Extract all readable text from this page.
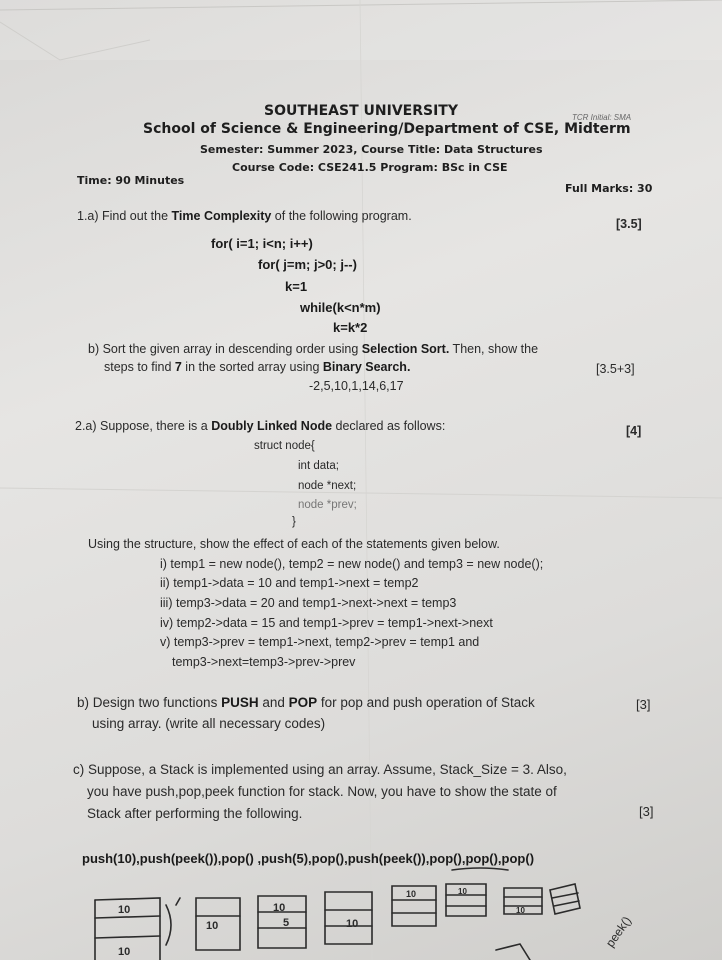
SOUTHEAST UNIVERSITY	TCR Initial: SMA
School of Science & Engineering/Department of CSE, Midterm
Semester: Summer 2023, Course Title: Data Structures
Course Code: CSE241.5 Program: BSc in CSE
Time: 90 Minutes
Full Marks: 30
1.a) Find out the Time Complexity of the following program.
[3.5]
for( i=1; i<n; i++)
for( j=m; j>0; j--)
k=1
while(k<n*m)
k=k*2
b) Sort the given array in descending order using Selection Sort. Then, show the
steps to find 7 in the sorted array using Binary Search.	[3.5+3]
-2,5,10,1,14,6,17
2.a) Suppose, there is a Doubly Linked Node declared as follows:	[4]
struct node{
int data;
node *next;
node *prev;
}
Using the structure, show the effect of each of the statements given below.
i) temp1 = new node(), temp2 = new node() and temp3 = new node();
ii) temp1->data = 10 and temp1->next = temp2
iii) temp3->data = 20 and temp1->next->next = temp3
iv) temp2->data = 15 and temp1->prev = temp1->next->next
v) temp3->prev = temp1->next, temp2->prev = temp1 and
temp3->next=temp3->prev->prev
b) Design two functions PUSH and POP for pop and push operation of Stack
using array. (write all necessary codes)
[3]
c) Suppose, a Stack is implemented using an array. Assume, Stack_Size = 3. Also,
you have push,pop,peek function for stack. Now, you have to show the state of
Stack after performing the following.	[3]
push(10),push(peek()),pop() ,push(5),pop(),push(peek()),pop(),pop(),pop()
10
10
10
10
5	10
10	10
10
peek()
